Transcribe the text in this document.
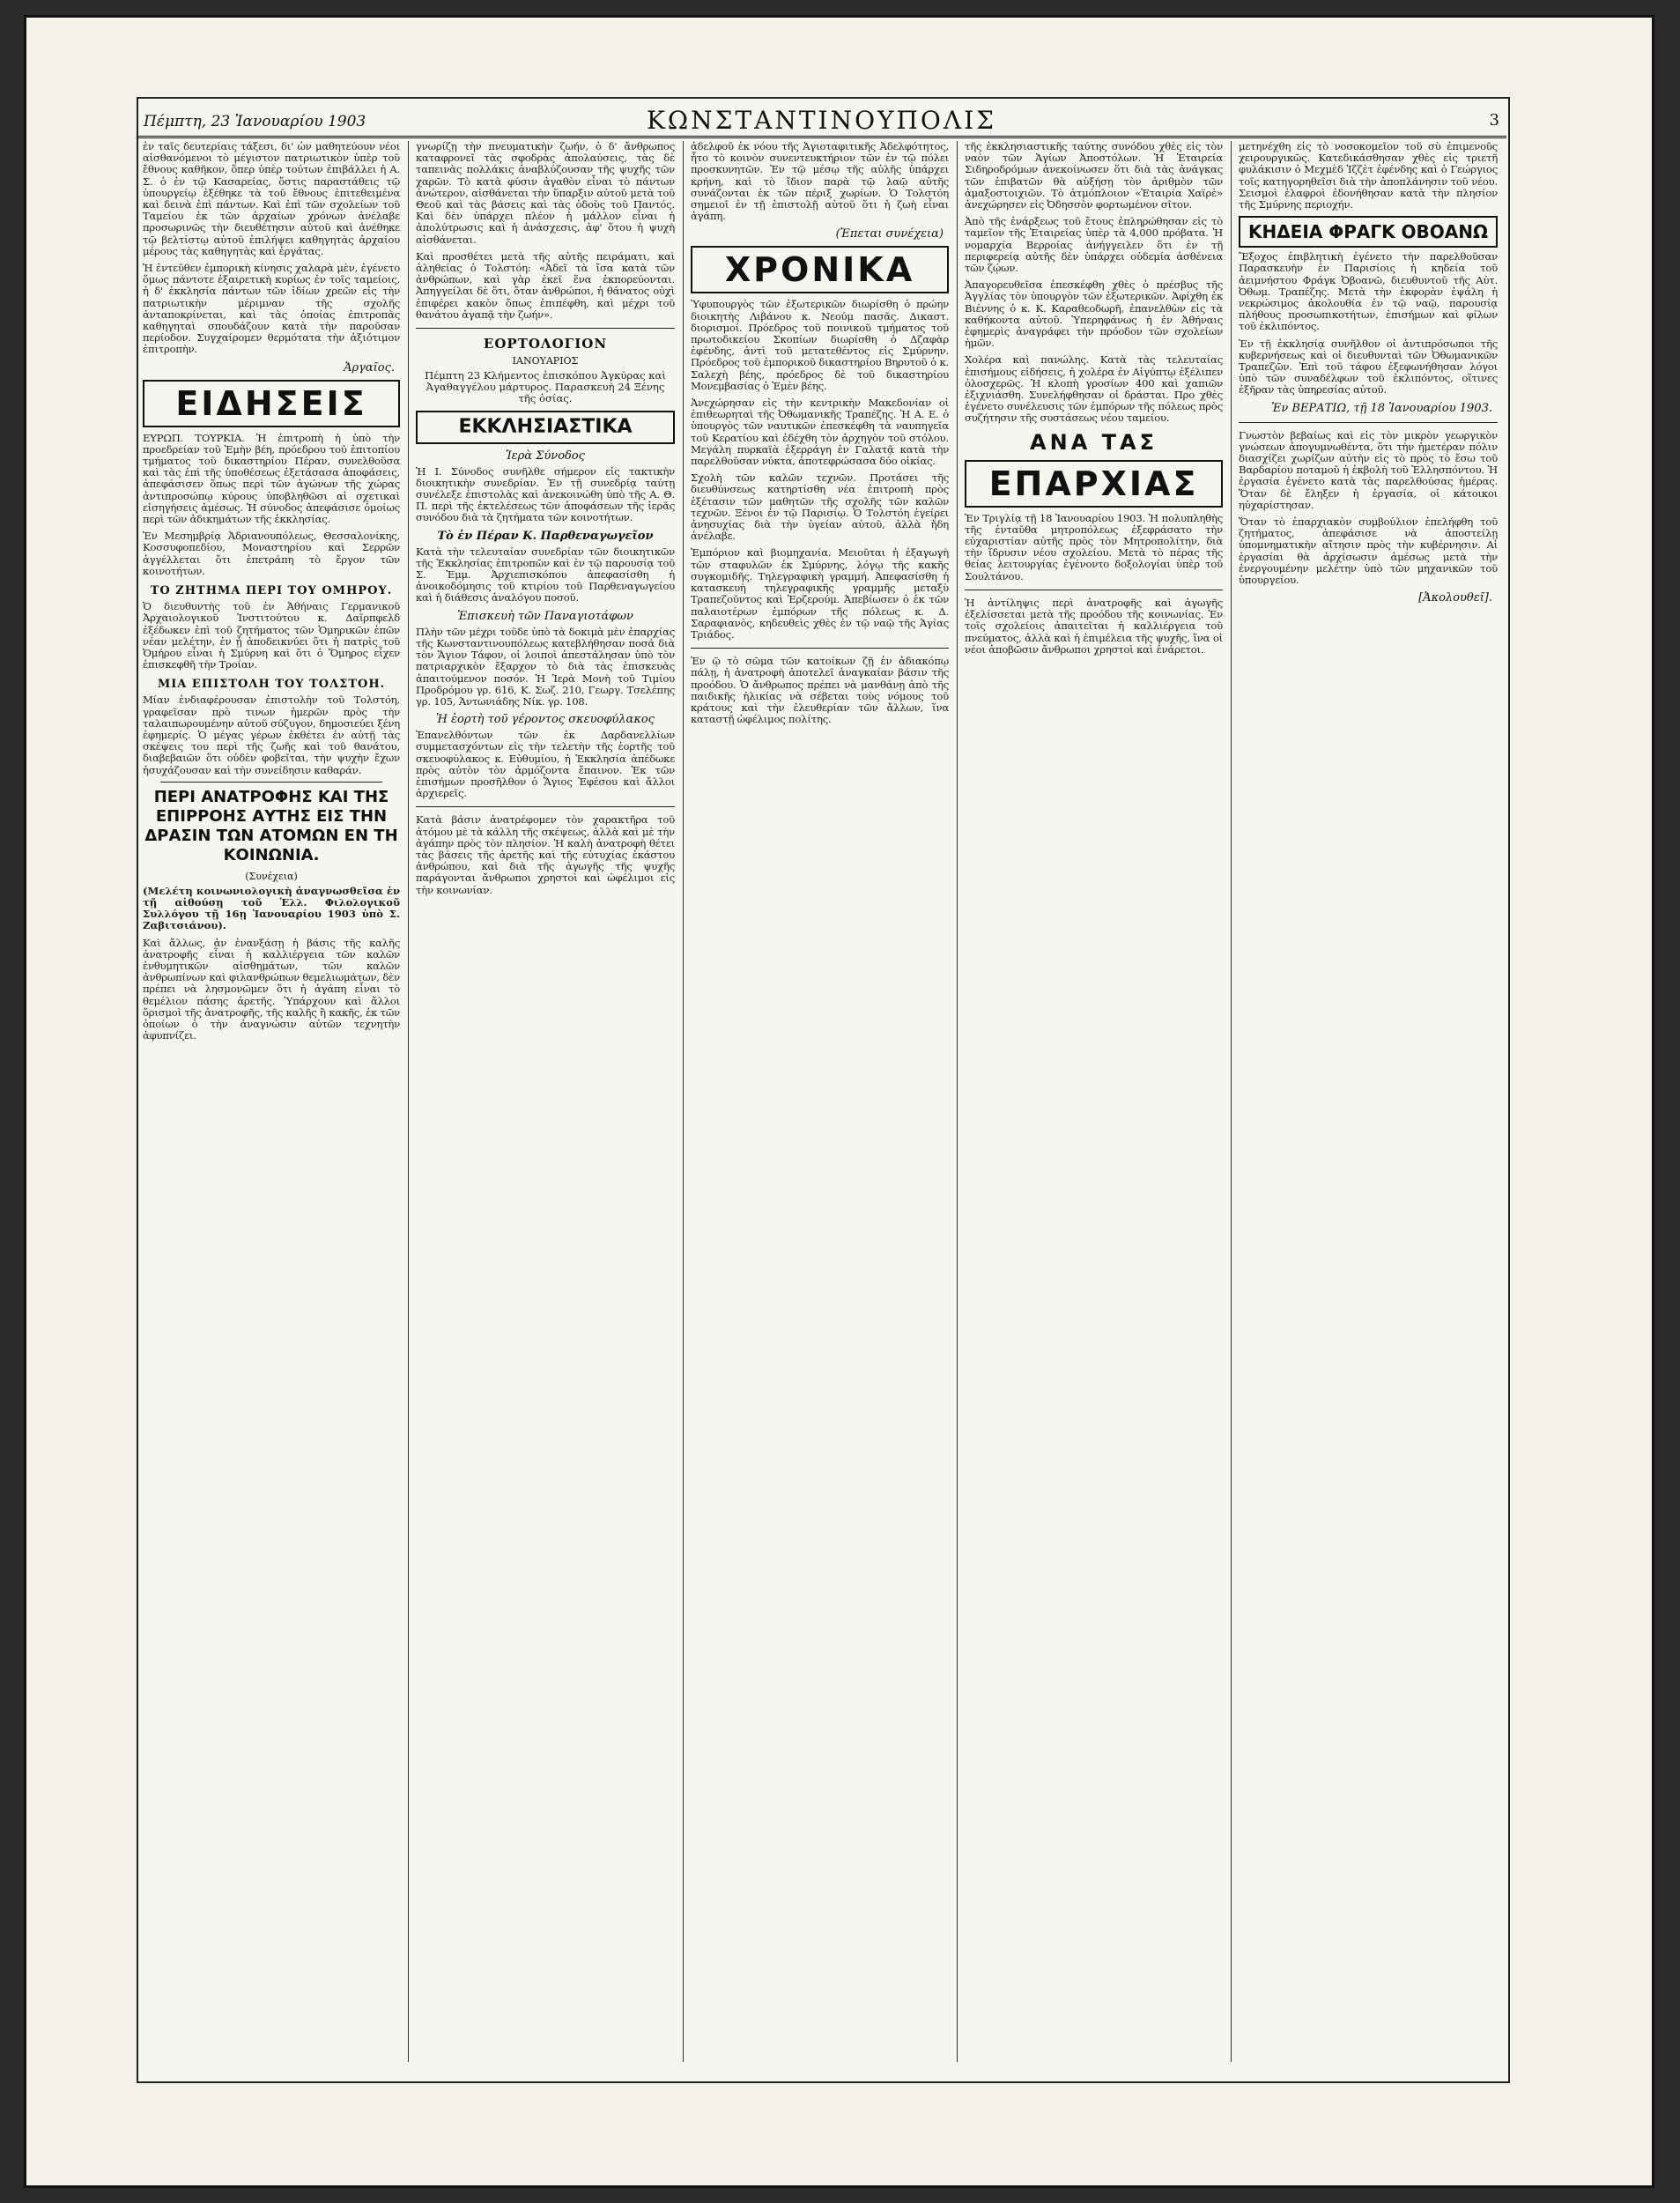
Πέμπτη, 23 Ἰανουαρίου 1903	ΚΩΝΣΤΑΝΤΙΝΟΥΠΟΛΙΣ	3

ἐν ταῖς δευτερίαις τάξεσι, δι' ὧν μαθητεύουν νέοι αἰσθανόμενοι τὸ μέγιστον πατριωτικὸν ὑπὲρ τοῦ ἔθνους καθῆκον, ὅπερ ὑπὲρ τούτων ἐπιβάλλει ἡ Α. Σ. ὁ ἐν τῷ Κασαρείας, ὅστις παραστάθεις τῷ ὑπουργείῳ ἐξέθηκε τὰ τοῦ ἔθνους ἐπιτεθειμένα καὶ δεινὰ ἐπὶ πάντων. Καὶ ἐπὶ τῶν σχολείων τοῦ Ταμείου ἐκ τῶν ἀρχαίων χρόνων ἀνέλαβε προσωρινῶς τὴν διευθέτησιν αὐτοῦ καὶ ἀνέθηκε τῷ βελτίστῳ αὐτοῦ ἐπιλήψει καθηγητὰς ἀρχαίου μέρους τὰς καθηγητὰς καὶ ἐργάτας.

Ἡ ἐντεῦθεν ἐμπορικὴ κίνησις χαλαρὰ μὲν, ἐγένετο ὅμως πάντοτε ἐξαιρετικὴ κυρίως ἐν τοῖς ταμείοις, ἡ δ' ἐκκλησία πάντων τῶν ἰδίων χρεῶν εἰς τὴν πατριωτικὴν μέριμναν τῆς σχολῆς ἀνταποκρίνεται, καὶ τὰς ὁποίας ἐπιτροπὰς καθηγηταὶ σπουδάζουν κατὰ τὴν παροῦσαν περίοδον. Συγχαίρομεν θερμότατα τὴν ἀξιότιμον ἐπιτροπὴν.

Ἀργαῖος.
ΕΙΔΗΣΕΙΣ

ΕΥΡΩΠ. ΤΟΥΡΚΙΑ. Ἡ ἐπιτροπὴ ἡ ὑπὸ τὴν προεδρείαν τοῦ Ἐμὴν βέη, πρόεδρου τοῦ ἐπιτοπίου τμήματος τοῦ δικαστηρίου Πέραν, συνελθοῦσα καὶ τὰς ἐπὶ τῆς ὑποθέσεως ἐξετάσασα ἀποφάσεις, ἀπεφάσισεν ὅπως περὶ τῶν ἀγώνων τῆς χώρας ἀντιπροσώπῳ κύρους ὑποβληθῶσι αἱ σχετικαὶ εἰσηγήσεις ἀμέσως. Ἡ σύνοδος ἀπεφάσισε ὁμοίως περὶ τῶν ἀδικημάτων τῆς ἐκκλησίας.

Ἐν Μεσημβρίᾳ Ἀδριανουπόλεως, Θεσσαλονίκης, Κοσσυφοπεδίου, Μοναστηρίου καὶ Σερρῶν ἀγγέλλεται ὅτι ἐπετράπη τὸ ἔργον τῶν κοινοτήτων.

ΤΟ ΖΗΤΗΜΑ ΠΕΡΙ ΤΟΥ ΟΜΗΡΟΥ.

Ὁ διευθυντὴς τοῦ ἐν Ἀθήναις Γερμανικοῦ Ἀρχαιολογικοῦ Ἰνστιτούτου κ. Δαῖρπφελδ ἐξέδωκεν ἐπὶ τοῦ ζητήματος τῶν Ὁμηρικῶν ἐπῶν νέαν μελέτην, ἐν ᾗ ἀποδεικνύει ὅτι ἡ πατρὶς τοῦ Ὁμήρου εἶναι ἡ Σμύρνη καὶ ὅτι ὁ Ὅμηρος εἶχεν ἐπισκεφθῆ τὴν Τροίαν.

ΜΙΑ ΕΠΙΣΤΟΛΗ ΤΟΥ ΤΟΛΣΤΟΗ.

Μίαν ἐνδιαφέρουσαν ἐπιστολὴν τοῦ Τολστόη, γραφεῖσαν πρὸ τινων ἡμερῶν πρὸς τὴν ταλαιπωρουμένην αὐτοῦ σύζυγον, δημοσιεύει ξένη ἐφημερίς. Ὁ μέγας γέρων ἐκθέτει ἐν αὐτῇ τὰς σκέψεις του περὶ τῆς ζωῆς καὶ τοῦ θανάτου, διαβεβαιῶν ὅτι οὐδὲν φοβεῖται, τὴν ψυχὴν ἔχων ἡσυχάζουσαν καὶ τὴν συνείδησιν καθαράν.

ΠΕΡΙ ΑΝΑΤΡΟΦΗΣ ΚΑΙ ΤΗΣ ΕΠΙΡΡΟΗΣ ΑΥΤΗΣ ΕΙΣ ΤΗΝ ΔΡΑΣΙΝ ΤΩΝ ΑΤΟΜΩΝ ΕΝ ΤΗ ΚΟΙΝΩΝΙΑ.
(Συνέχεια)

(Μελέτη κοινωνιολογικὴ ἀναγνωσθεῖσα ἐν τῇ αἰθούσῃ τοῦ Ἑλλ. Φιλολογικοῦ Συλλόγου τῇ 16ῃ Ἰανουαρίου 1903 ὑπὸ Σ. Ζαβιτσιάνου).

Καὶ ἄλλως, ἀν ἐνανξάσῃ ἡ βάσις τῆς καλῆς ἀνατροφῆς εἶναι ἡ καλλιέργεια τῶν καλῶν ἐνθυμητικῶν αἰσθημάτων, τῶν καλῶν ἀνθρωπίνων καὶ φιλανθρώπων θεμελιωμάτων, δὲν πρέπει νὰ λησμονῶμεν ὅτι ἡ ἀγάπη εἶναι τὸ θεμέλιον πάσης ἀρετῆς. Ὑπάρχουν καὶ ἄλλοι ὅρισμοὶ τῆς ἀνατροφῆς, τῆς καλῆς ἢ κακῆς, ἐκ τῶν ὁποίων ὁ τὴν ἀναγνώσιν αὐτῶν τεχνητὴν ἀφυπνίζει.

γνωρίζῃ τὴν πνευματικὴν ζωήν, ὁ δ' ἄνθρωπος καταφρονεῖ τὰς σφοδρὰς ἀπολαύσεις, τὰς δὲ ταπεινὰς πολλάκις ἀναβλύζουσαν τῆς ψυχῆς τῶν χαρῶν. Τὸ κατὰ φύσιν ἀγαθὸν εἶναι τὸ πάντων ἀνώτερον, αἰσθάνεται τὴν ὕπαρξιν αὐτοῦ μετὰ τοῦ Θεοῦ καὶ τὰς βάσεις καὶ τὰς ὁδοὺς τοῦ Παντός. Καὶ δὲν ὑπάρχει πλέον ἡ μάλλον εἶναι ἡ ἀπολύτρωσις καὶ ἡ ἀνάσχεσις, ἀφ' ὅτου ἡ ψυχὴ αἰσθάνεται.

Καὶ προσθέτει μετὰ τῆς αὐτῆς πειράματι, καὶ ἀληθείας ὁ Τολστόη: «Ἀδεῖ τὰ ἴσα κατὰ τῶν ἀνθρώπων, καὶ γὰρ ἐκεῖ ἕνα ἐκπορεύονται. Ἀπηγγείλαι δὲ ὅτι, ὅταν ἀνθρώποι, ἡ θάνατος οὐχὶ ἐπιφέρει κακὸν ὅπως ἐπιπέφθη, καὶ μέχρι τοῦ θανάτου ἀγαπᾷ τὴν ζωήν».

ΕΟΡΤΟΛΟΓΙΟΝ
ΙΑΝΟΥΑΡΙΟΣ

Πέμπτη 23 Κλήμεντος ἐπισκόπου Ἀγκύρας καὶ Ἀγαθαγγέλου μάρτυρος. Παρασκευὴ 24 Ξένης τῆς ὁσίας.

ΕΚΚΛΗΣΙΑΣΤΙΚΑ
Ἱερὰ Σύνοδος

Ἡ Ι. Σύνοδος συνῆλθε σήμερον εἰς τακτικὴν διοικητικὴν συνεδρίαν. Ἐν τῇ συνεδρίᾳ ταύτῃ συνέλεξε ἐπιστολὰς καὶ ἀνεκοινώθη ὑπὸ τῆς Α. Θ. Π. περὶ τῆς ἐκτελέσεως τῶν ἀποφάσεων τῆς ἱερᾶς συνόδου διὰ τὰ ζητήματα τῶν κοινοτήτων.

Τὸ ἐν Πέραν Κ. Παρθεναγωγεῖον

Κατὰ τὴν τελευταίαν συνεδρίαν τῶν διοικητικῶν τῆς Ἐκκλησίας ἐπιτροπῶν καὶ ἐν τῷ παρουσίᾳ τοῦ Σ. Ἐμμ. Ἀρχιεπισκόπου ἀπεφασίσθη ἡ ἀνοικοδόμησις τοῦ κτιρίου τοῦ Παρθεναγωγείου καὶ ἡ διάθεσις ἀναλόγου ποσοῦ.

Ἐπισκευὴ τῶν Παναγιοτάφων

Πλὴν τῶν μέχρι τοῦδε ὑπὸ τὰ δοκιμὰ μὲν ἐπαρχίας τῆς Κωνσταντινουπόλεως κατεβλήθησαν ποσά διὰ τὸν Ἅγιον Τάφον, οἱ λοιποὶ ἀπεστάλησαν ὑπὸ τὸν πατριαρχικὸν ἔξαρχον τὸ διὰ τὰς ἐπισκευὰς ἀπαιτούμενον ποσόν. Ἡ Ἱερὰ Μονὴ τοῦ Τιμίου Προδρόμου γρ. 616, Κ. Σωζ. 210, Γεωργ. Τσελέπης γρ. 105, Ἀντωνιάδης Νίκ. γρ. 108.

Ἡ ἑορτὴ τοῦ γέροντος σκευοφύλακος

Ἐπανελθόντων τῶν ἐκ Δαρδανελλίων συμμετασχόντων εἰς τὴν τελετὴν τῆς ἑορτῆς τοῦ σκευοφύλακος κ. Εὐθυμίου, ἡ Ἐκκλησία ἀπέδωκε πρὸς αὐτὸν τὸν ἀρμόζοντα ἔπαινον. Ἐκ τῶν ἐπισήμων προσῆλθον ὁ Ἅγιος Ἐφέσου καὶ ἄλλοι ἀρχιερεῖς.

Κατὰ βάσιν ἀνατρέφομεν τὸν χαρακτῆρα τοῦ ἀτόμου μὲ τὰ κάλλη τῆς σκέψεως, ἀλλὰ καὶ μὲ τὴν ἀγάπην πρὸς τὸν πλησίον. Ἡ καλὴ ἀνατροφὴ θέτει τὰς βάσεις τῆς ἀρετῆς καὶ τῆς εὐτυχίας ἑκάστου ἀνθρώπου, καὶ διὰ τῆς ἀγωγῆς τῆς ψυχῆς παράγονται ἄνθρωποι χρηστοὶ καὶ ὠφέλιμοι εἰς τὴν κοινωνίαν.

ἀδελφοῦ ἐκ νόου τῆς Ἀγιοταφιτικῆς Ἀδελφότητος, ἦτο τὸ κοινὸν συνεντευκτήριον τῶν ἐν τῷ πόλει προσκυνητῶν. Ἐν τῷ μέσῳ τῆς αὐλῆς ὑπάρχει κρήνη, καὶ τὸ ἴδιον παρὰ τῷ λαῷ αὐτῆς συνάζονται ἐκ τῶν πέριξ χωρίων. Ὁ Τολστόη σημειοῖ ἐν τῇ ἐπιστολῇ αὐτοῦ ὅτι ἡ ζωὴ εἶναι ἀγάπη.

(Ἐπεται συνέχεια)
ΧΡΟΝΙΚΑ

Ὑφυπουργὸς τῶν ἐξωτερικῶν διωρίσθη ὁ πρώην διοικητὴς Λιβάνου κ. Νεούμ πασᾶς. Δικαστ. διορισμοί. Πρόεδρος τοῦ ποινικοῦ τμήματος τοῦ πρωτοδικείου Σκοπίων διωρίσθη ὁ Δζαφὰρ ἐφένδης, ἀντὶ τοῦ μετατεθέντος εἰς Σμύρνην. Πρόεδρος τοῦ ἐμπορικοῦ δικαστηρίου Βηρυτοῦ ὁ κ. Σαλεχὴ βέης, πρόεδρος δὲ τοῦ δικαστηρίου Μονεμβασίας ὁ Ἐμὲν βέης.

Ἀνεχώρησαν εἰς τὴν κεντρικὴν Μακεδονίαν οἱ ἐπιθεωρηταὶ τῆς Ὀθωμανικῆς Τραπέζης. Ἡ Α. Ε. ὁ ὑπουργὸς τῶν ναυτικῶν ἐπεσκέφθη τὰ ναυπηγεῖα τοῦ Κερατίου καὶ ἐδέχθη τὸν ἀρχηγὸν τοῦ στόλου. Μεγάλη πυρκαϊὰ ἐξερράγη ἐν Γαλατᾷ κατὰ τὴν παρελθοῦσαν νύκτα, ἀποτεφρώσασα δύο οἰκίας.

Σχολὴ τῶν καλῶν τεχνῶν. Προτάσει τῆς διευθύνσεως κατηρτίσθη νέα ἐπιτροπὴ πρὸς ἐξέτασιν τῶν μαθητῶν τῆς σχολῆς τῶν καλῶν τεχνῶν. Ξένοι ἐν τῷ Παρισίῳ. Ὁ Τολστόη ἐγείρει ἀνησυχίας διὰ τὴν ὑγείαν αὐτοῦ, ἀλλὰ ἤδη ἀνέλαβε.

Ἐμπόριον καὶ βιομηχανία. Μειοῦται ἡ ἐξαγωγὴ τῶν σταφυλῶν ἐκ Σμύρνης, λόγῳ τῆς κακῆς συγκομιδῆς. Τηλεγραφικὴ γραμμή. Ἀπεφασίσθη ἡ κατασκευὴ τηλεγραφικῆς γραμμῆς μεταξὺ Τραπεζοῦντος καὶ Ἐρζερούμ. Ἀπεβίωσεν ὁ ἐκ τῶν παλαιοτέρων ἐμπόρων τῆς πόλεως κ. Δ. Σαραφιανὸς, κηδευθεὶς χθὲς ἐν τῷ ναῷ τῆς Ἁγίας Τριάδος.

Ἐν ῷ τὸ σῶμα τῶν κατοίκων ζῇ ἐν ἀδιακόπῳ πάλῃ, ἡ ἀνατροφὴ ἀποτελεῖ ἀναγκαίαν βάσιν τῆς προόδου. Ὁ ἄνθρωπος πρέπει νὰ μανθάνῃ ἀπὸ τῆς παιδικῆς ἡλικίας νὰ σέβεται τοὺς νόμους τοῦ κράτους καὶ τὴν ἐλευθερίαν τῶν ἄλλων, ἵνα καταστῇ ὠφέλιμος πολίτης.

τῆς ἐκκλησιαστικῆς ταύτης συνόδου χθὲς εἰς τὸν ναὸν τῶν Ἁγίων Ἀποστόλων. Ἡ Ἑταιρεία Σιδηροδρόμων ἀνεκοίνωσεν ὅτι διὰ τὰς ἀνάγκας τῶν ἐπιβατῶν θὰ αὐξήσῃ τὸν ἀριθμὸν τῶν ἁμαξοστοιχιῶν. Τὸ ἀτμόπλοιον «Ἑταιρία Χαϊρὲ» ἀνεχώρησεν εἰς Ὀδησσὸν φορτωμένον σῖτον.

Ἀπὸ τῆς ἐνάρξεως τοῦ ἔτους ἐπληρώθησαν εἰς τὸ ταμεῖον τῆς Ἑταιρείας ὑπὲρ τὰ 4,000 πρόβατα. Ἡ νομαρχία Βερροίας ἀνήγγειλεν ὅτι ἐν τῇ περιφερείᾳ αὐτῆς δὲν ὑπάρχει οὐδεμία ἀσθένεια τῶν ζῴων.

Ἀπαγορευθεῖσα ἐπεσκέφθη χθὲς ὁ πρέσβυς τῆς Ἀγγλίας τὸν ὑπουργὸν τῶν ἐξωτερικῶν. Ἀφίχθη ἐκ Βιέννης ὁ κ. Κ. Καραθεοδωρῆ, ἐπανελθὼν εἰς τὰ καθήκοντα αὐτοῦ. Ὑπερηφάνως ἡ ἐν Ἀθήναις ἐφημερὶς ἀναγράφει τὴν πρόοδον τῶν σχολείων ἡμῶν.

Χολέρα καὶ πανώλης. Κατὰ τὰς τελευταίας ἐπισήμους εἰδήσεις, ἡ χολέρα ἐν Αἰγύπτῳ ἐξέλιπεν ὁλοσχερῶς. Ἡ κλοπὴ γροσίων 400 καὶ χαπιῶν ἐξιχνιάσθη. Συνελήφθησαν οἱ δράσται. Προ χθὲς ἐγένετο συνέλευσις τῶν ἐμπόρων τῆς πόλεως πρὸς συζήτησιν τῆς συστάσεως νέου ταμείου.

ΑΝΑ ΤΑΣ
ΕΠΑΡΧΙΑΣ

Ἐν Τριγλίᾳ τῇ 18 Ἰανουαρίου 1903. Ἡ πολυπληθὴς τῆς ἐνταῦθα μητροπόλεως ἐξεφράσατο τὴν εὐχαριστίαν αὐτῆς πρὸς τὸν Μητροπολίτην, διὰ τὴν ἵδρυσιν νέου σχολείου. Μετὰ τὸ πέρας τῆς θείας λειτουργίας ἐγένοντο δοξολογίαι ὑπὲρ τοῦ Σουλτάνου.

Ἡ ἀντίληψις περὶ ἀνατροφῆς καὶ ἀγωγῆς ἐξελίσσεται μετὰ τῆς προόδου τῆς κοινωνίας. Ἐν τοῖς σχολείοις ἀπαιτεῖται ἡ καλλιέργεια τοῦ πνεύματος, ἀλλὰ καὶ ἡ ἐπιμέλεια τῆς ψυχῆς, ἵνα οἱ νέοι ἀποβῶσιν ἄνθρωποι χρηστοὶ καὶ ἐνάρετοι.

μετηνέχθη εἰς τὸ νοσοκομεῖον τοῦ σὺ ἐπιμενοῦς χειρουργικῶς. Κατεδικάσθησαν χθὲς εἰς τριετῆ φυλάκισιν ὁ Μεχμὲδ Ἰζζὲτ ἐφένδης καὶ ὁ Γεώργιος τοῖς κατηγορηθεῖσι διὰ τὴν ἀποπλάνησιν τοῦ νέου. Σεισμοὶ ἐλαφροὶ ἐδονήθησαν κατὰ τὴν πλησίον τῆς Σμύρνης περιοχήν.

ΚΗΔΕΙΑ ΦΡΑΓΚ ΟΒΟΑΝΩ

Ἔξοχος ἐπιβλητικὴ ἐγένετο τὴν παρελθοῦσαν Παρασκευὴν ἐν Παρισίοις ἡ κηδεία τοῦ ἀειμνήστου Φράγκ Ὀβοανῶ, διευθυντοῦ τῆς Αὐτ. Ὀθωμ. Τραπέζης. Μετὰ τὴν ἐκφορὰν ἐψάλη ἡ νεκρώσιμος ἀκολουθία ἐν τῷ ναῷ, παρουσίᾳ πλήθους προσωπικοτήτων, ἐπισήμων καὶ φίλων τοῦ ἐκλιπόντος.

Ἐν τῇ ἐκκλησίᾳ συνῆλθον οἱ ἀντιπρόσωποι τῆς κυβερνήσεως καὶ οἱ διευθυνταὶ τῶν Ὀθωμανικῶν Τραπεζῶν. Ἐπὶ τοῦ τάφου ἐξεφωνήθησαν λόγοι ὑπὸ τῶν συναδέλφων τοῦ ἐκλιπόντος, οἵτινες ἐξῆραν τὰς ὑπηρεσίας αὐτοῦ.

Ἐν ΒΕΡΑΤΙΩ, τῇ 18 Ἰανουαρίου 1903.

Γνωστὸν βεβαίως καὶ εἰς τὸν μικρὸν γεωργικὸν γνώσεων ἀπογυμνωθέντα, ὅτι τὴν ἡμετέραν πόλιν διασχίζει χωρίζων αὐτὴν εἰς τὸ πρὸς τὸ ἔσω τοῦ Βαρδαρίου ποταμοῦ ἡ ἐκβολὴ τοῦ Ἑλλησπόντου. Ἡ ἐργασία ἐγένετο κατὰ τὰς παρελθούσας ἡμέρας. Ὅταν δὲ ἔληξεν ἡ ἐργασία, οἱ κάτοικοι ηὐχαρίστησαν.

Ὅταν τὸ ἐπαρχιακὸν συμβούλιον ἐπελήφθη τοῦ ζητήματος, ἀπεφάσισε νὰ ἀποστείλῃ ὑπομνηματικὴν αἴτησιν πρὸς τὴν κυβέρνησιν. Αἱ ἐργασίαι θὰ ἀρχίσωσιν ἀμέσως μετὰ τὴν ἐνεργουμένην μελέτην ὑπὸ τῶν μηχανικῶν τοῦ ὑπουργείου.

[Ἀκολουθεῖ].
